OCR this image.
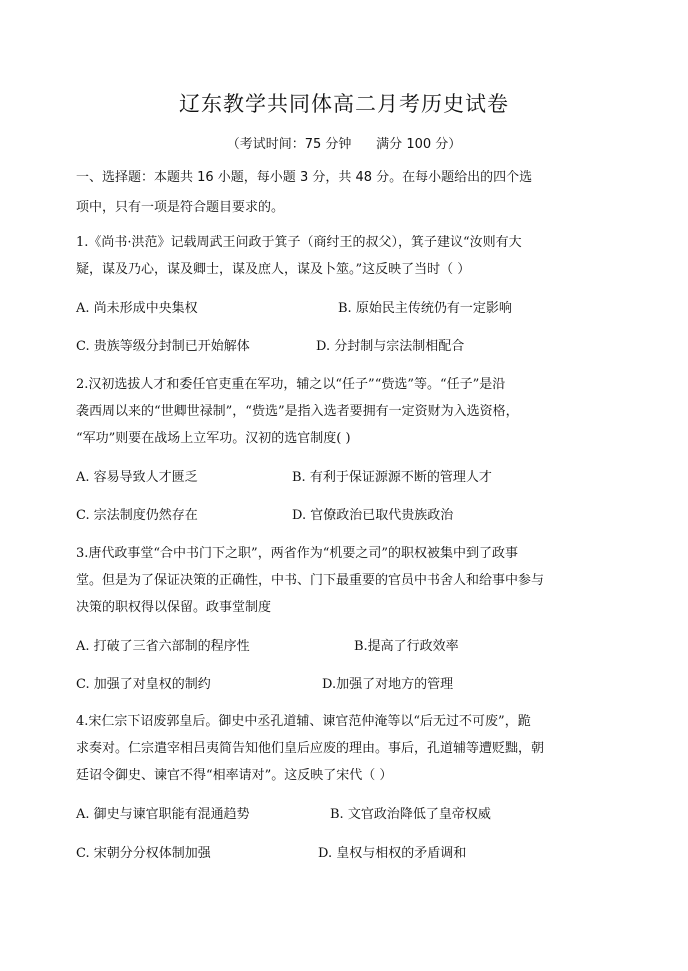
辽东教学共同体高二月考历史试卷
（考试时间：75 分钟      满分 100 分）
一、选择题：本题共 16 小题，每小题 3 分，共 48 分。在每小题给出的四个选
项中，只有一项是符合题目要求的。
1.《尚书·洪范》记载周武王问政于箕子（商纣王的叔父），箕子建议“汝则有大
疑，谋及乃心，谋及卿士，谋及庶人，谋及卜筮。”这反映了当时（ ）
A. 尚未形成中央集权	B. 原始民主传统仍有一定影响
C. 贵族等级分封制已开始解体	D. 分封制与宗法制相配合
2.汉初选拔人才和委任官吏重在军功，辅之以“任子”“赀选”等。“任子”是沿
袭西周以来的“世卿世禄制”，“赀选”是指入选者要拥有一定资财为入选资格，
“军功”则要在战场上立军功。汉初的选官制度( )
A. 容易导致人才匮乏	B. 有利于保证源源不断的管理人才
C. 宗法制度仍然存在	D. 官僚政治已取代贵族政治
3.唐代政事堂“合中书门下之职”，两省作为“机要之司”的职权被集中到了政事
堂。但是为了保证决策的正确性，中书、门下最重要的官员中书舍人和给事中参与
决策的职权得以保留。政事堂制度
A. 打破了三省六部制的程序性	B.提高了行政效率
C. 加强了对皇权的制约	D.加强了对地方的管理
4.宋仁宗下诏废郭皇后。御史中丞孔道辅、谏官范仲淹等以“后无过不可废”，跪
求奏对。仁宗遣宰相吕夷简告知他们皇后应废的理由。事后，孔道辅等遭贬黜，朝
廷诏令御史、谏官不得“相率请对”。这反映了宋代（ ）
A. 御史与谏官职能有混通趋势	B. 文官政治降低了皇帝权威
C. 宋朝分分权体制加强	D. 皇权与相权的矛盾调和
